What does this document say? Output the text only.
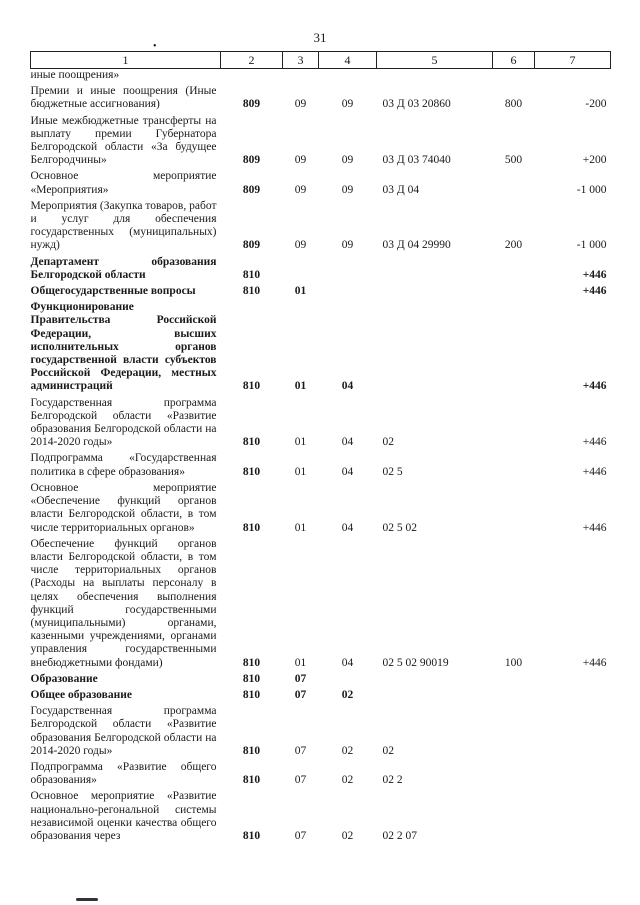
31
•
1	2	3	4	5	6	7
иные поощрения»						
Премии и иные поощрения (Иные бюджетные ассигнования)	809	09	09	03 Д 03 20860	800	-200
Иные межбюджетные трансферты на выплату премии Губернатора Белгородской области «За будущее Белгородчины»	809	09	09	03 Д 03 74040	500	+200
Основное мероприятие «Мероприятия»	809	09	09	03 Д 04		-1 000
Мероприятия (Закупка товаров, работ и услуг для обеспечения государственных (муниципальных) нужд)	809	09	09	03 Д 04 29990	200	-1 000
Департамент образования Белгородской области	810					+446
Общегосударственные вопросы	810	01				+446
Функционирование Правительства Российской Федерации, высших исполнительных органов государственной власти субъектов Российской Федерации, местных администраций	810	01	04			+446
Государственная программа Белгородской области «Развитие образования Белгородской области на 2014-2020 годы»	810	01	04	02		+446
Подпрограмма «Государственная политика в сфере образования»	810	01	04	02 5		+446
Основное мероприятие «Обеспечение функций органов власти Белгородской области, в том числе территориальных органов»	810	01	04	02 5 02		+446
Обеспечение функций органов власти Белгородской области, в том числе территориальных органов (Расходы на выплаты персоналу в целях обеспечения выполнения функций государственными (муниципальными) органами, казенными учреждениями, органами управления государственными внебюджетными фондами)	810	01	04	02 5 02 90019	100	+446
Образование	810	07				
Общее образование	810	07	02			
Государственная программа Белгородской области «Развитие образования Белгородской области на 2014-2020 годы»	810	07	02	02		
Подпрограмма «Развитие общего образования»	810	07	02	02 2		
Основное мероприятие «Развитие национально-регональной системы независимой оценки качества общего образования через	810	07	02	02 2 07		
